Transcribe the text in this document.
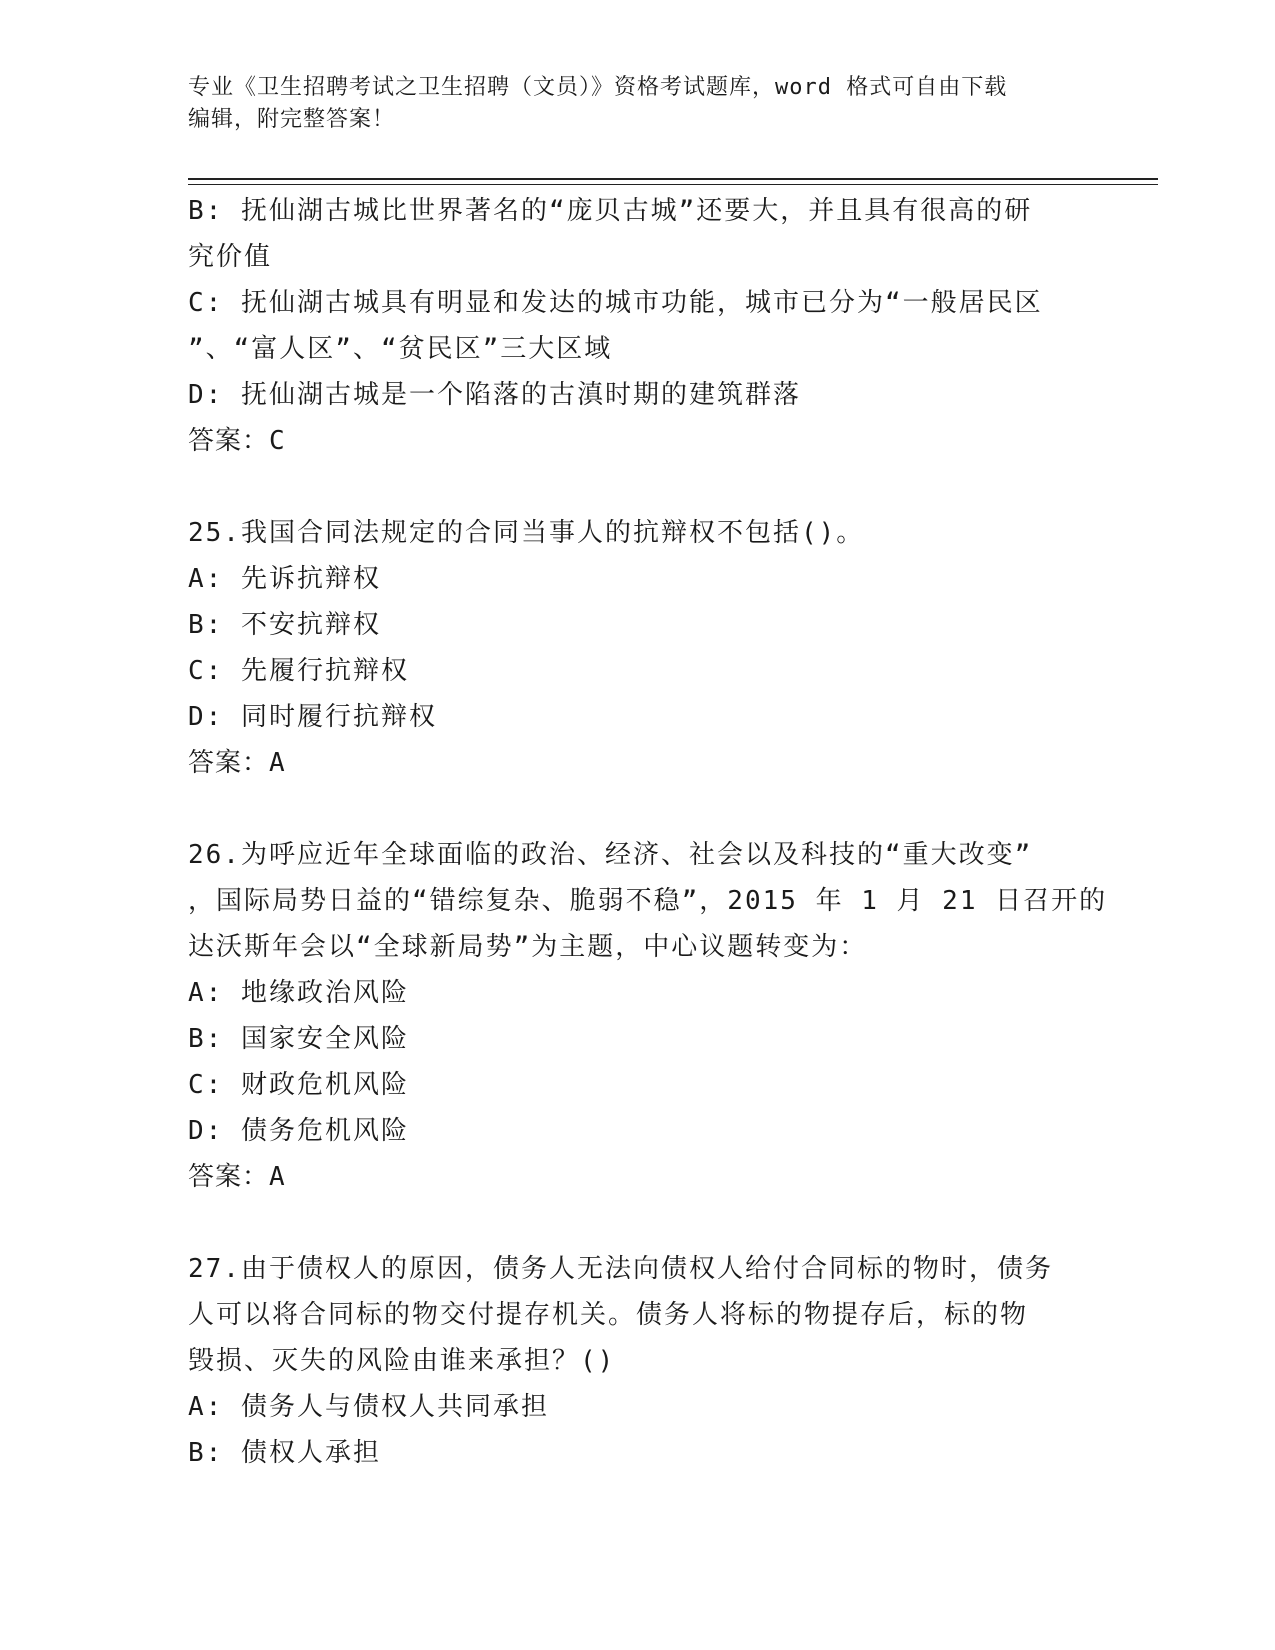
专业《卫生招聘考试之卫生招聘（文员）》资格考试题库，word 格式可自由下载
编辑，附完整答案！
B: 抚仙湖古城比世界著名的“庞贝古城”还要大，并且具有很高的研
究价值
C: 抚仙湖古城具有明显和发达的城市功能，城市已分为“一般居民区
”、“富人区”、“贫民区”三大区域
D: 抚仙湖古城是一个陷落的古滇时期的建筑群落
答案：C
25.我国合同法规定的合同当事人的抗辩权不包括()。
A: 先诉抗辩权
B: 不安抗辩权
C: 先履行抗辩权
D: 同时履行抗辩权
答案：A
26.为呼应近年全球面临的政治、经济、社会以及科技的“重大改变”
，国际局势日益的“错综复杂、脆弱不稳”，2015 年 1 月 21 日召开的
达沃斯年会以“全球新局势”为主题，中心议题转变为：
A: 地缘政治风险
B: 国家安全风险
C: 财政危机风险
D: 债务危机风险
答案：A
27.由于债权人的原因，债务人无法向债权人给付合同标的物时，债务
人可以将合同标的物交付提存机关。债务人将标的物提存后，标的物
毁损、灭失的风险由谁来承担？()
A: 债务人与债权人共同承担
B: 债权人承担
